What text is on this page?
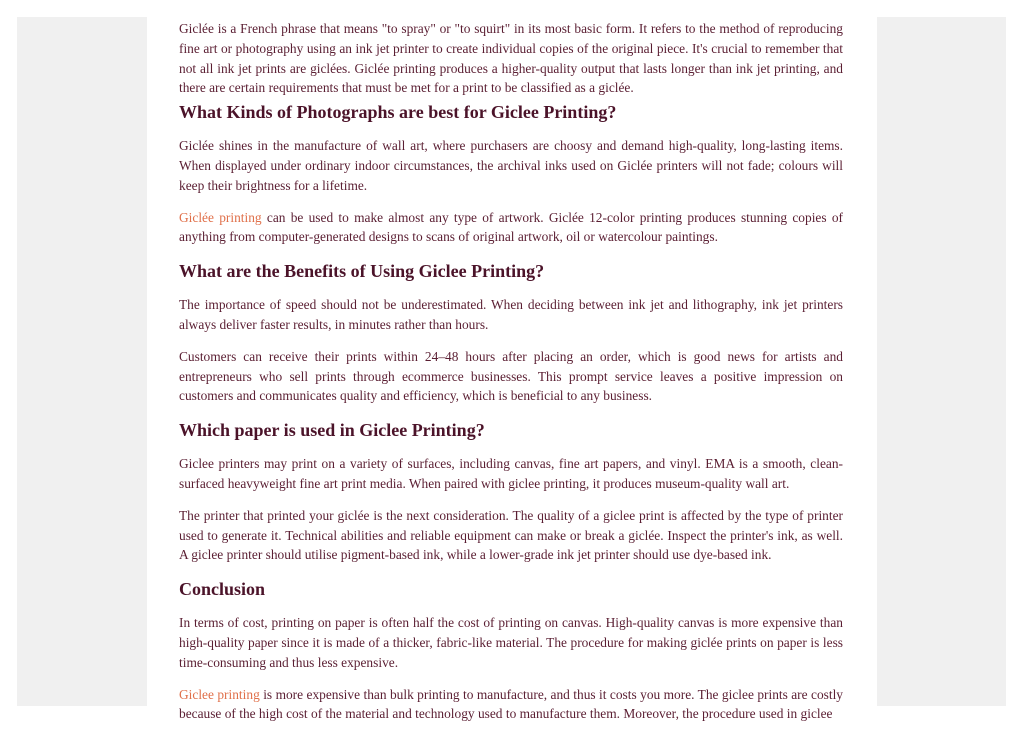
Giclée is a French phrase that means "to spray" or "to squirt" in its most basic form. It refers to the method of reproducing fine art or photography using an ink jet printer to create individual copies of the original piece. It's crucial to remember that not all ink jet prints are giclées. Giclée printing produces a higher-quality output that lasts longer than ink jet printing, and there are certain requirements that must be met for a print to be classified as a giclée.

What Kinds of Photographs are best for Giclee Printing?

Giclée shines in the manufacture of wall art, where purchasers are choosy and demand high-quality, long-lasting items. When displayed under ordinary indoor circumstances, the archival inks used on Giclée printers will not fade; colours will keep their brightness for a lifetime.

Giclée printing can be used to make almost any type of artwork. Giclée 12-color printing produces stunning copies of anything from computer-generated designs to scans of original artwork, oil or watercolour paintings.

What are the Benefits of Using Giclee Printing?

The importance of speed should not be underestimated. When deciding between ink jet and lithography, ink jet printers always deliver faster results, in minutes rather than hours.

Customers can receive their prints within 24–48 hours after placing an order, which is good news for artists and entrepreneurs who sell prints through ecommerce businesses. This prompt service leaves a positive impression on customers and communicates quality and efficiency, which is beneficial to any business.

Which paper is used in Giclee Printing?

Giclee printers may print on a variety of surfaces, including canvas, fine art papers, and vinyl. EMA is a smooth, clean-surfaced heavyweight fine art print media. When paired with giclee printing, it produces museum-quality wall art.

The printer that printed your giclée is the next consideration. The quality of a giclee print is affected by the type of printer used to generate it. Technical abilities and reliable equipment can make or break a giclée. Inspect the printer's ink, as well. A giclee printer should utilise pigment-based ink, while a lower-grade ink jet printer should use dye-based ink.

Conclusion

In terms of cost, printing on paper is often half the cost of printing on canvas. High-quality canvas is more expensive than high-quality paper since it is made of a thicker, fabric-like material. The procedure for making giclée prints on paper is less time-consuming and thus less expensive.

Giclee printing is more expensive than bulk printing to manufacture, and thus it costs you more. The giclee prints are costly because of the high cost of the material and technology used to manufacture them. Moreover, the procedure used in giclee
